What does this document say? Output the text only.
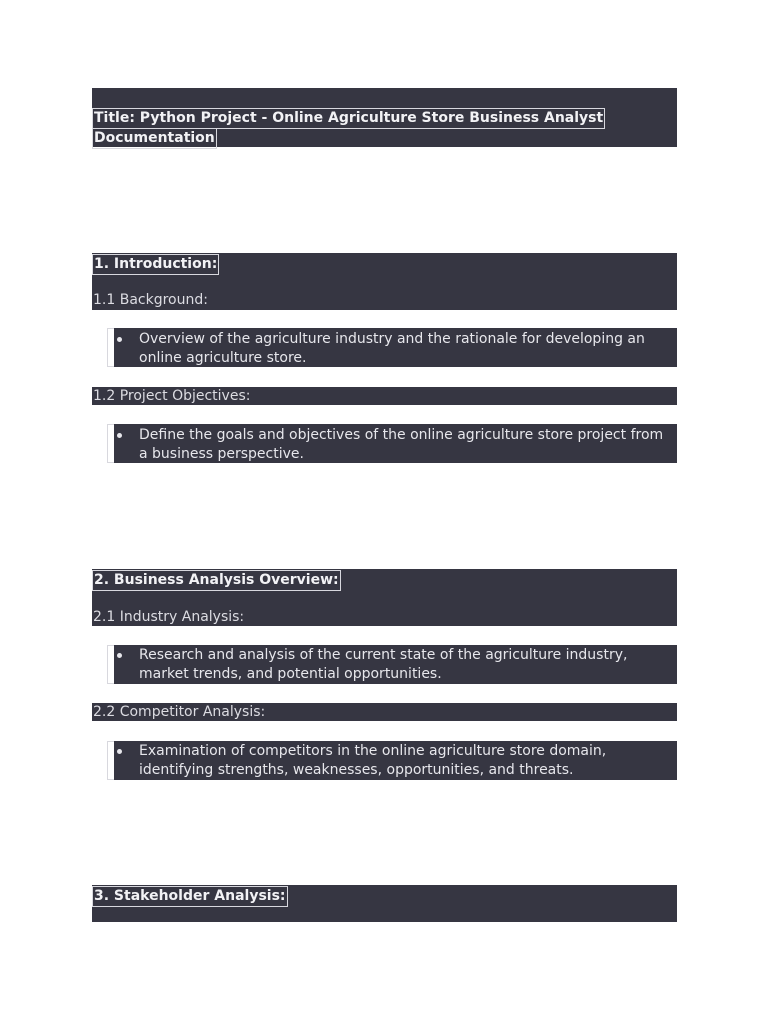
Title: Python Project - Online Agriculture Store Business Analyst
Documentation
1. Introduction:
1.1 Background:
Overview of the agriculture industry and the rationale for developing an online agriculture store.
1.2 Project Objectives:
Define the goals and objectives of the online agriculture store project from a business perspective.
2. Business Analysis Overview:
2.1 Industry Analysis:
Research and analysis of the current state of the agriculture industry, market trends, and potential opportunities.
2.2 Competitor Analysis:
Examination of competitors in the online agriculture store domain, identifying strengths, weaknesses, opportunities, and threats.
3. Stakeholder Analysis:
